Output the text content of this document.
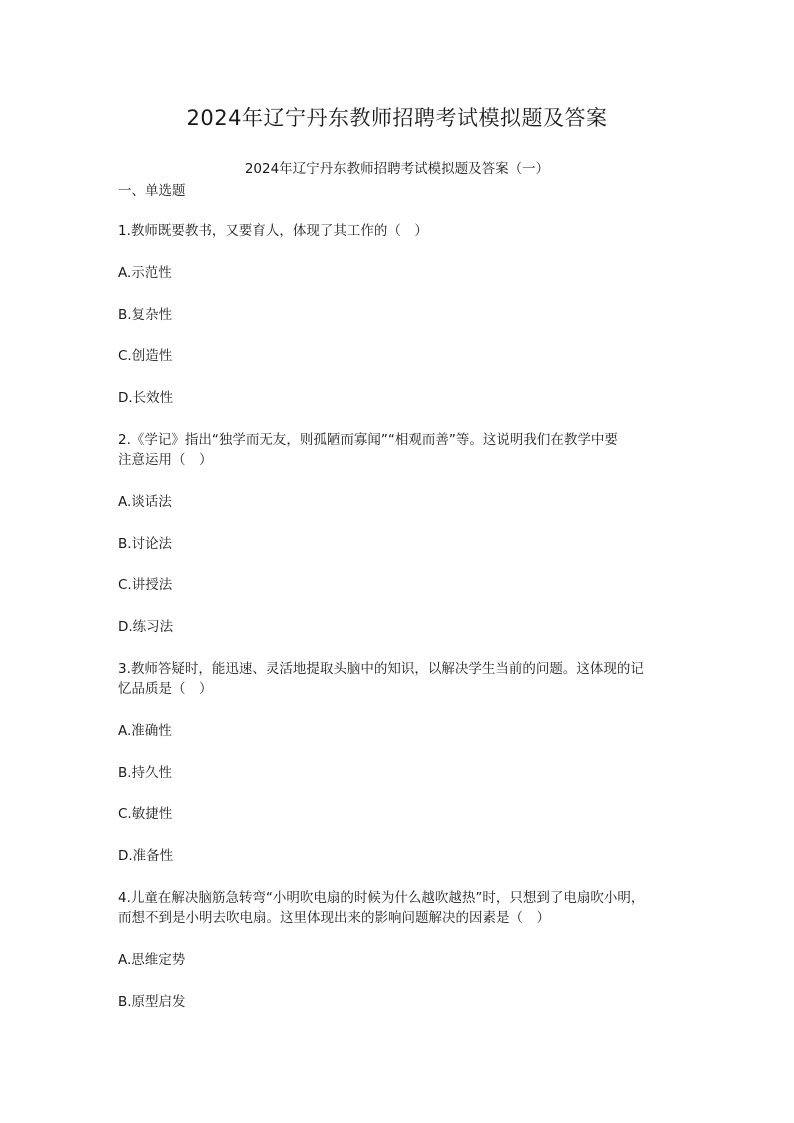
2024年辽宁丹东教师招聘考试模拟题及答案
2024年辽宁丹东教师招聘考试模拟题及答案（一）
一、单选题
1.教师既要教书，又要育人，体现了其工作的（　）
A.示范性
B.复杂性
C.创造性
D.长效性
2.《学记》指出“独学而无友，则孤陋而寡闻”“相观而善”等。这说明我们在教学中要
注意运用（　）
A.谈话法
B.讨论法
C.讲授法
D.练习法
3.教师答疑时，能迅速、灵活地提取头脑中的知识，以解决学生当前的问题。这体现的记
忆品质是（　）
A.准确性
B.持久性
C.敏捷性
D.准备性
4.儿童在解决脑筋急转弯“小明吹电扇的时候为什么越吹越热”时，只想到了电扇吹小明，
而想不到是小明去吹电扇。这里体现出来的影响问题解决的因素是（　）
A.思维定势
B.原型启发
